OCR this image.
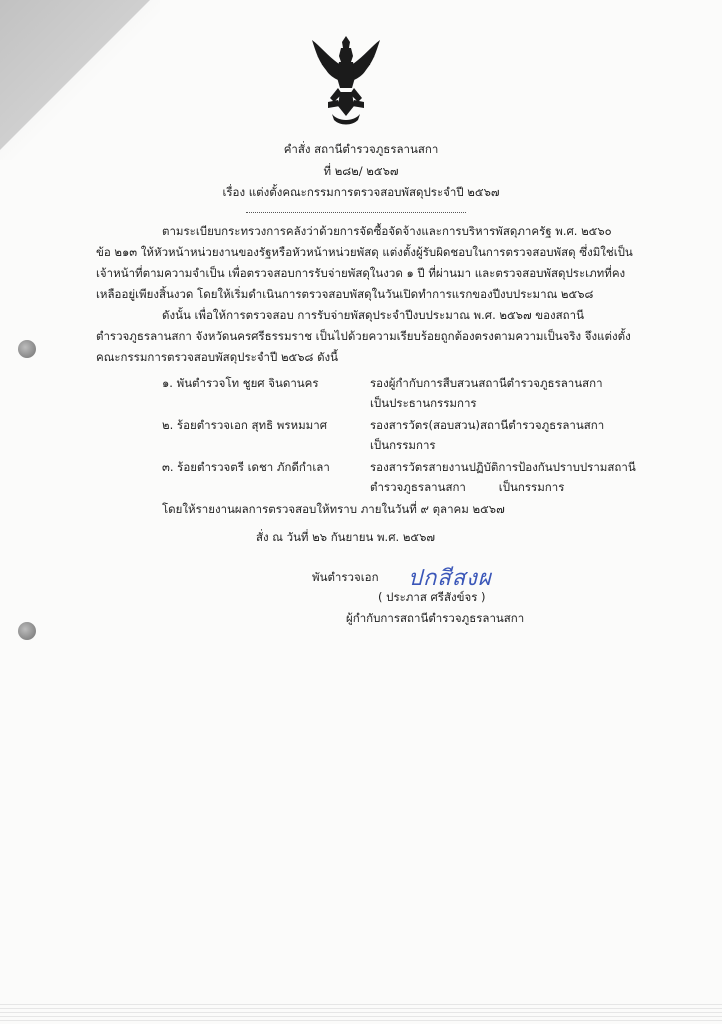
คำสั่ง สถานีตำรวจภูธรลานสกา
ที่ ๒๘๒/ ๒๕๖๗
เรื่อง แต่งตั้งคณะกรรมการตรวจสอบพัสดุประจำปี ๒๕๖๗
ตามระเบียบกระทรวงการคลังว่าด้วยการจัดซื้อจัดจ้างและการบริหารพัสดุภาครัฐ พ.ศ. ๒๕๖๐
ข้อ ๒๑๓ ให้หัวหน้าหน่วยงานของรัฐหรือหัวหน้าหน่วยพัสดุ แต่งตั้งผู้รับผิดชอบในการตรวจสอบพัสดุ ซึ่งมิใช่เป็น
เจ้าหน้าที่ตามความจำเป็น เพื่อตรวจสอบการรับจ่ายพัสดุในงวด ๑ ปี ที่ผ่านมา และตรวจสอบพัสดุประเภทที่คง
เหลืออยู่เพียงสิ้นงวด โดยให้เริ่มดำเนินการตรวจสอบพัสดุในวันเปิดทำการแรกของปีงบประมาณ ๒๕๖๘
ดังนั้น เพื่อให้การตรวจสอบ การรับจ่ายพัสดุประจำปีงบประมาณ พ.ศ. ๒๕๖๗ ของสถานี
ตำรวจภูธรลานสกา จังหวัดนครศรีธรรมราช เป็นไปด้วยความเรียบร้อยถูกต้องตรงตามความเป็นจริง จึงแต่งตั้ง
คณะกรรมการตรวจสอบพัสดุประจำปี ๒๕๖๘ ดังนี้
๑. พันตำรวจโท ชูยศ จินดานคร	รองผู้กำกับการสืบสวนสถานีตำรวจภูธรลานสกา
เป็นประธานกรรมการ
๒. ร้อยตำรวจเอก สุทธิ พรหมมาศ	รองสารวัตร(สอบสวน)สถานีตำรวจภูธรลานสกา
เป็นกรรมการ
๓. ร้อยตำรวจตรี เดชา ภักดีกำเลา	รองสารวัตรสายงานปฏิบัติการป้องกันปราบปรามสถานี
ตำรวจภูธรลานสกา         เป็นกรรมการ
โดยให้รายงานผลการตรวจสอบให้ทราบ ภายในวันที่ ๙ ตุลาคม ๒๕๖๗
สั่ง ณ วันที่ ๒๖ กันยายน พ.ศ. ๒๕๖๗
พันตำรวจเอก ปกสีสงผ
( ประภาส ศรีสังข์จร )
ผู้กำกับการสถานีตำรวจภูธรลานสกา
